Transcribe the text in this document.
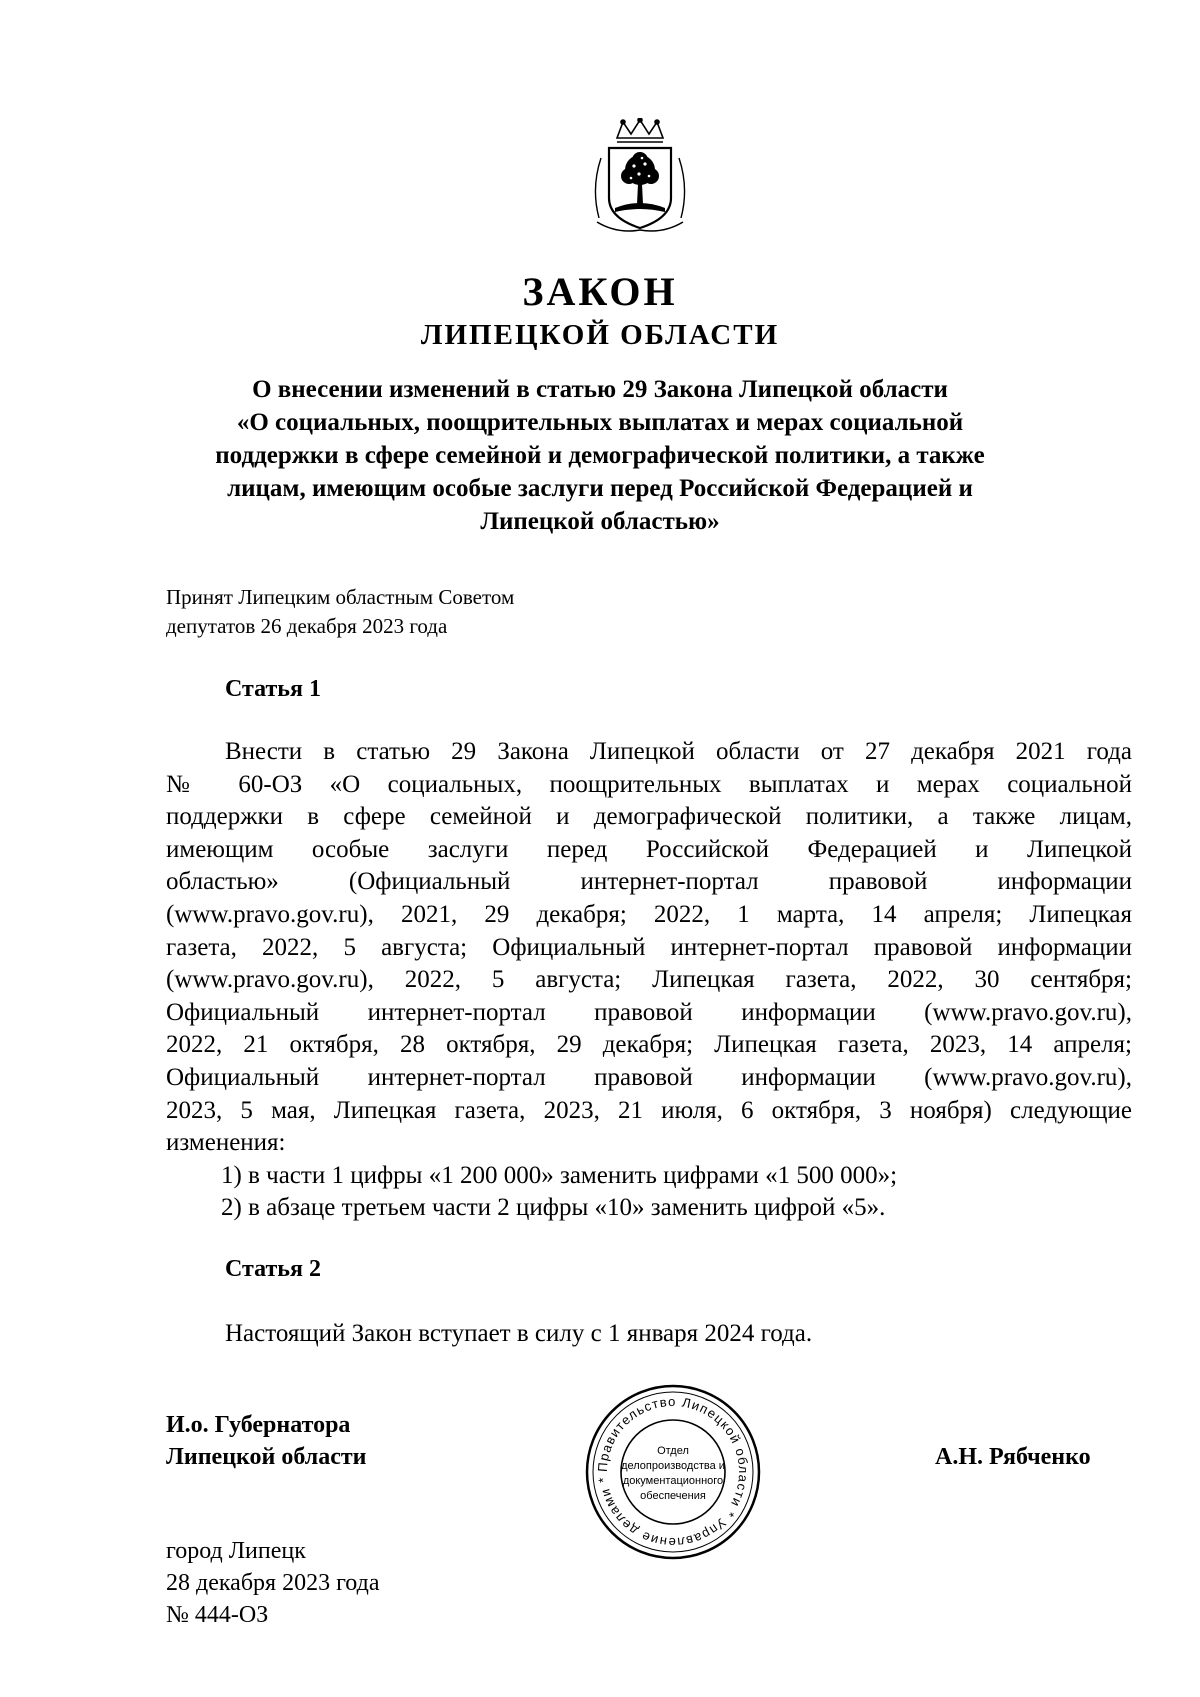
ЗАКОН
ЛИПЕЦКОЙ ОБЛАСТИ
О внесении изменений в статью 29 Закона Липецкой области
«О социальных, поощрительных выплатах и мерах социальной
поддержки в сфере семейной и демографической политики, а также
лицам, имеющим особые заслуги перед Российской Федерацией и
Липецкой областью»
Принят Липецким областным Советом
депутатов 26 декабря 2023 года
Статья 1
Внести в статью 29 Закона Липецкой области от 27 декабря 2021 года
№ 60-ОЗ «О социальных, поощрительных выплатах и мерах социальной
поддержки в сфере семейной и демографической политики, а также лицам,
имеющим особые заслуги перед Российской Федерацией и Липецкой
областью» (Официальный интернет-портал правовой информации
(www.pravo.gov.ru), 2021, 29 декабря; 2022, 1 марта, 14 апреля; Липецкая
газета, 2022, 5 августа; Официальный интернет-портал правовой информации
(www.pravo.gov.ru), 2022, 5 августа; Липецкая газета, 2022, 30 сентября;
Официальный интернет-портал правовой информации (www.pravo.gov.ru),
2022, 21 октября, 28 октября, 29 декабря; Липецкая газета, 2023, 14 апреля;
Официальный интернет-портал правовой информации (www.pravo.gov.ru),
2023, 5 мая, Липецкая газета, 2023, 21 июля, 6 октября, 3 ноября) следующие
изменения:
1) в части 1 цифры «1 200 000» заменить цифрами «1 500 000»;
2) в абзаце третьем части 2 цифры «10» заменить цифрой «5».
Статья 2
Настоящий Закон вступает в силу с 1 января 2024 года.
И.о. Губернатора
Липецкой области	Правительство Липецкой области * Управление делами *
Отдел
делопроизводства и
документационного
обеспечения
А.Н. Рябченко
город Липецк
28 декабря 2023 года
№ 444-ОЗ
